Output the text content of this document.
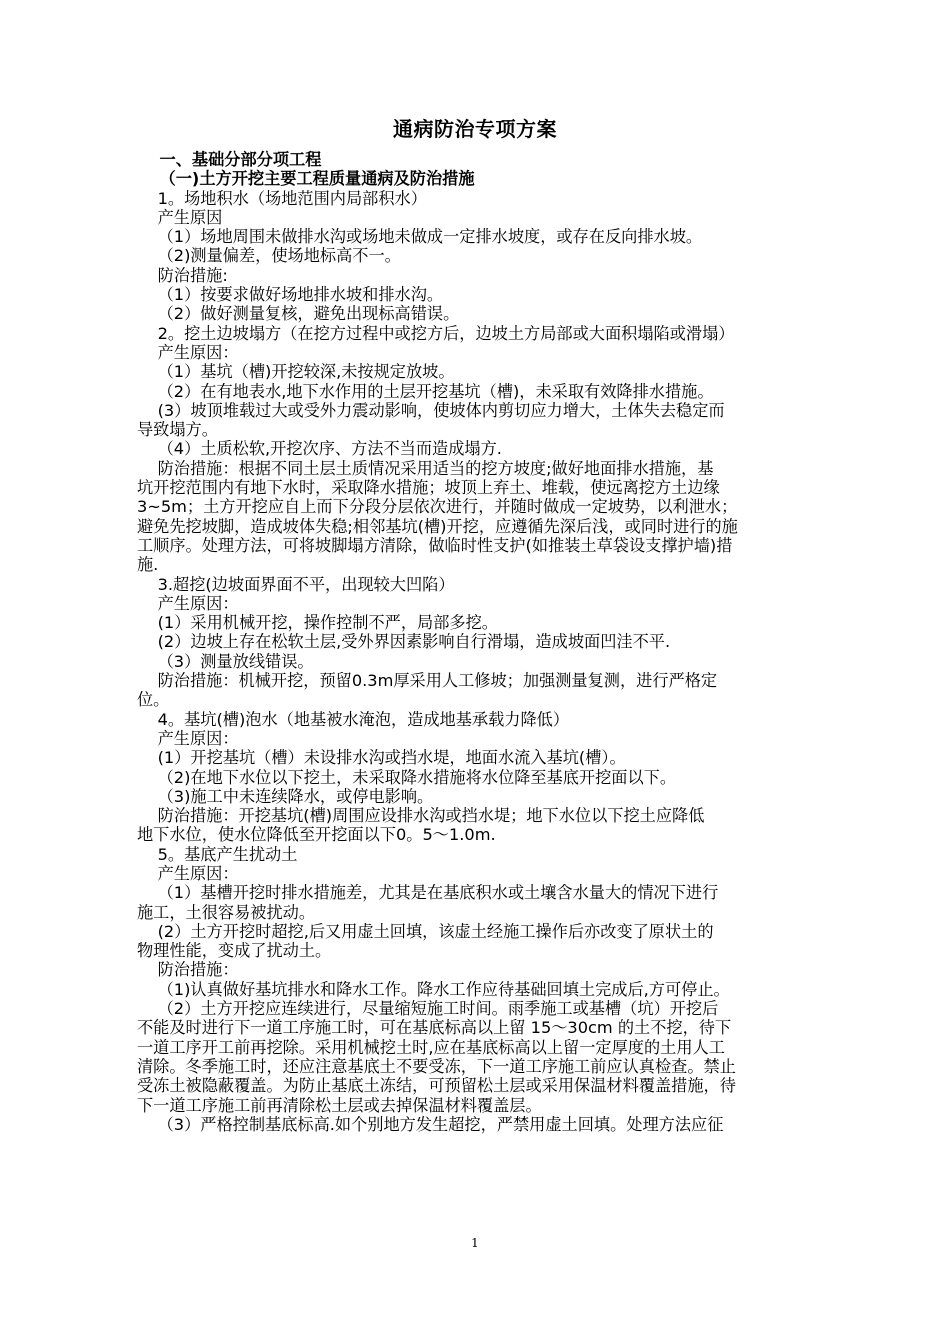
通病防治专项方案
一、基础分部分项工程
（一)土方开挖主要工程质量通病及防治措施
1。场地积水（场地范围内局部积水）
产生原因
（1）场地周围未做排水沟或场地未做成一定排水坡度，或存在反向排水坡。
（2)测量偏差，使场地标高不一。
防治措施:
（1）按要求做好场地排水坡和排水沟。
（2）做好测量复核，避免出现标高错误。
2。挖土边坡塌方（在挖方过程中或挖方后，边坡土方局部或大面积塌陷或滑塌）
产生原因：
（1）基坑（槽)开挖较深,未按规定放坡。
（2）在有地表水,地下水作用的土层开挖基坑（槽)，未采取有效降排水措施。
(3）坡顶堆载过大或受外力震动影响，使坡体内剪切应力增大，土体失去稳定而
导致塌方。
（4）土质松软,开挖次序、方法不当而造成塌方.
防治措施：根据不同土层土质情况采用适当的挖方坡度;做好地面排水措施，基
坑开挖范围内有地下水时，采取降水措施；坡顶上弃土、堆载，使远离挖方土边缘
3~5m；土方开挖应自上而下分段分层依次进行，并随时做成一定坡势，以利泄水；
避免先挖坡脚，造成坡体失稳;相邻基坑(槽)开挖，应遵循先深后浅，或同时进行的施
工顺序。处理方法，可将坡脚塌方清除，做临时性支护(如推装土草袋设支撑护墙)措
施.
3.超挖(边坡面界面不平，出现较大凹陷）
产生原因：
(1）采用机械开挖，操作控制不严，局部多挖。
(2）边坡上存在松软土层,受外界因素影响自行滑塌，造成坡面凹洼不平.
（3）测量放线错误。
防治措施：机械开挖，预留0.3m厚采用人工修坡；加强测量复测，进行严格定
位。
4。基坑(槽)泡水（地基被水淹泡，造成地基承载力降低）
产生原因：
(1）开挖基坑（槽）未设排水沟或挡水堤，地面水流入基坑(槽）。
（2)在地下水位以下挖土，未采取降水措施将水位降至基底开挖面以下。
（3)施工中未连续降水，或停电影响。
防治措施：开挖基坑(槽)周围应设排水沟或挡水堤；地下水位以下挖土应降低
地下水位，使水位降低至开挖面以下0。5～1.0m.
5。基底产生扰动土
产生原因：
（1）基槽开挖时排水措施差，尤其是在基底积水或土壤含水量大的情况下进行
施工，土很容易被扰动。
(2）土方开挖时超挖,后又用虚土回填，该虚土经施工操作后亦改变了原状土的
物理性能，变成了扰动土。
防治措施：
（1)认真做好基坑排水和降水工作。降水工作应待基础回填土完成后,方可停止。
（2）土方开挖应连续进行，尽量缩短施工时间。雨季施工或基槽（坑）开挖后
不能及时进行下一道工序施工时，可在基底标高以上留 15～30cm 的土不挖，待下
一道工序开工前再挖除。采用机械挖土时,应在基底标高以上留一定厚度的土用人工
清除。冬季施工时，还应注意基底土不要受冻，下一道工序施工前应认真检查。禁止
受冻土被隐蔽覆盖。为防止基底土冻结，可预留松土层或采用保温材料覆盖措施，待
下一道工序施工前再清除松土层或去掉保温材料覆盖层。
（3）严格控制基底标高.如个别地方发生超挖，严禁用虚土回填。处理方法应征
1
